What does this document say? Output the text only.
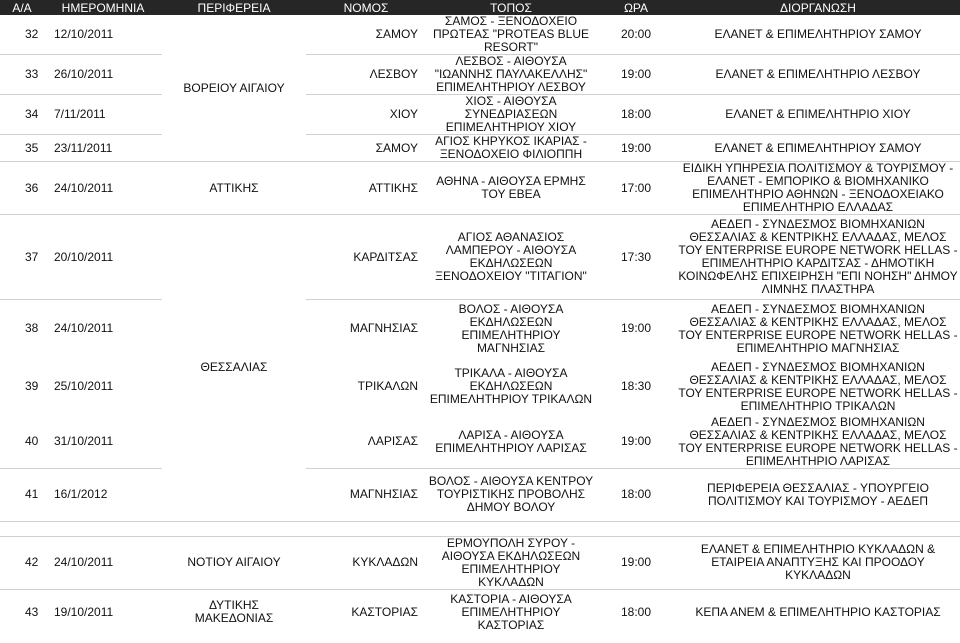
Α/Α	ΗΜΕΡΟΜΗΝΙΑ	ΠΕΡΙΦΕΡΕΙΑ	ΝΟΜΟΣ	ΤΟΠΟΣ	ΩΡΑ	ΔΙΟΡΓΑΝΩΣΗ
32	12/10/2011	ΒΟΡΕΙΟΥ ΑΙΓΑΙΟΥ	ΣΑΜΟΥ	ΣΑΜΟΣ - ΞΕΝΟΔΟΧΕΙΟ ΠΡΩΤΕΑΣ "PROTEAS BLUE RESORT"	20:00	ΕΛΑΝΕΤ & ΕΠΙΜΕΛΗΤΗΡΙΟΥ ΣΑΜΟΥ
33	26/10/2011		ΛΕΣΒΟΥ	ΛΕΣΒΟΣ - ΑΙΘΟΥΣΑ "ΙΩΑΝΝΗΣ ΠΑΥΛΑΚΕΛΛΗΣ" ΕΠΙΜΕΛΗΤΗΡΙΟΥ ΛΕΣΒΟΥ	19:00	ΕΛΑΝΕΤ & ΕΠΙΜΕΛΗΤΗΡΙΟ ΛΕΣΒΟΥ
34	7/11/2011		ΧΙΟΥ	ΧΙΟΣ - ΑΙΘΟΥΣΑ ΣΥΝΕΔΡΙΑΣΕΩΝ ΕΠΙΜΕΛΗΤΗΡΙΟΥ ΧΙΟΥ	18:00	ΕΛΑΝΕΤ & ΕΠΙΜΕΛΗΤΗΡΙΟ ΧΙΟΥ
35	23/11/2011		ΣΑΜΟΥ	ΑΓΙΟΣ ΚΗΡΥΚΟΣ ΙΚΑΡΙΑΣ - ΞΕΝΟΔΟΧΕΙΟ ΦΙΛΙΟΠΠΗ	19:00	ΕΛΑΝΕΤ & ΕΠΙΜΕΛΗΤΗΡΙΟΥ ΣΑΜΟΥ
36	24/10/2011	ΑΤΤΙΚΗΣ	ΑΤΤΙΚΗΣ	ΑΘΗΝΑ - ΑΙΘΟΥΣΑ ΕΡΜΗΣ ΤΟΥ ΕΒΕΑ	17:00	ΕΙΔΙΚΗ ΥΠΗΡΕΣΙΑ ΠΟΛΙΤΙΣΜΟΥ & ΤΟΥΡΙΣΜΟΥ - ΕΛΑΝΕΤ - ΕΜΠΟΡΙΚΟ & ΒΙΟΜΗΧΑΝΙΚΟ ΕΠΙΜΕΛΗΤΗΡΙΟ ΑΘΗΝΩΝ - ΞΕΝΟΔΟΧΕΙΑΚΟ ΕΠΙΜΕΛΗΤΗΡΙΟ ΕΛΛΑΔΑΣ
37	20/10/2011	ΘΕΣΣΑΛΙΑΣ	ΚΑΡΔΙΤΣΑΣ	ΑΓΙΟΣ ΑΘΑΝΑΣΙΟΣ ΛΑΜΠΕΡΟΥ - ΑΙΘΟΥΣΑ ΕΚΔΗΛΩΣΕΩΝ ΞΕΝΟΔΟΧΕΙΟΥ "ΤΙΤΑΓΙΟΝ"	17:30	ΑΕΔΕΠ - ΣΥΝΔΕΣΜΟΣ ΒΙΟΜΗΧΑΝΙΩΝ ΘΕΣΣΑΛΙΑΣ & ΚΕΝΤΡΙΚΗΣ ΕΛΛΑΔΑΣ, ΜΕΛΟΣ ΤΟΥ ENTERPRISE EUROPE NETWORK HELLAS - ΕΠΙΜΕΛΗΤΗΡΙΟ ΚΑΡΔΙΤΣΑΣ - ΔΗΜΟΤΙΚΗ ΚΟΙΝΩΦΕΛΗΣ ΕΠΙΧΕΙΡΗΣΗ "ΕΠΙ ΝΟΗΣΗ" ΔΗΜΟΥ ΛΙΜΝΗΣ ΠΛΑΣΤΗΡΑ
38	24/10/2011		ΜΑΓΝΗΣΙΑΣ	ΒΟΛΟΣ - ΑΙΘΟΥΣΑ ΕΚΔΗΛΩΣΕΩΝ ΕΠΙΜΕΛΗΤΗΡΙΟΥ ΜΑΓΝΗΣΙΑΣ	19:00	ΑΕΔΕΠ - ΣΥΝΔΕΣΜΟΣ ΒΙΟΜΗΧΑΝΙΩΝ ΘΕΣΣΑΛΙΑΣ & ΚΕΝΤΡΙΚΗΣ ΕΛΛΑΔΑΣ, ΜΕΛΟΣ ΤΟΥ ENTERPRISE EUROPE NETWORK HELLAS - ΕΠΙΜΕΛΗΤΗΡΙΟ ΜΑΓΝΗΣΙΑΣ
39	25/10/2011		ΤΡΙΚΑΛΩΝ	ΤΡΙΚΑΛΑ - ΑΙΘΟΥΣΑ ΕΚΔΗΛΩΣΕΩΝ ΕΠΙΜΕΛΗΤΗΡΙΟΥ ΤΡΙΚΑΛΩΝ	18:30	ΑΕΔΕΠ - ΣΥΝΔΕΣΜΟΣ ΒΙΟΜΗΧΑΝΙΩΝ ΘΕΣΣΑΛΙΑΣ & ΚΕΝΤΡΙΚΗΣ ΕΛΛΑΔΑΣ, ΜΕΛΟΣ ΤΟΥ ENTERPRISE EUROPE NETWORK HELLAS - ΕΠΙΜΕΛΗΤΗΡΙΟ ΤΡΙΚΑΛΩΝ
40	31/10/2011		ΛΑΡΙΣΑΣ	ΛΑΡΙΣΑ - ΑΙΘΟΥΣΑ ΕΠΙΜΕΛΗΤΗΡΙΟΥ ΛΑΡΙΣΑΣ	19:00	ΑΕΔΕΠ - ΣΥΝΔΕΣΜΟΣ ΒΙΟΜΗΧΑΝΙΩΝ ΘΕΣΣΑΛΙΑΣ & ΚΕΝΤΡΙΚΗΣ ΕΛΛΑΔΑΣ, ΜΕΛΟΣ ΤΟΥ ENTERPRISE EUROPE NETWORK HELLAS - ΕΠΙΜΕΛΗΤΗΡΙΟ ΛΑΡΙΣΑΣ
41	16/1/2012		ΜΑΓΝΗΣΙΑΣ	ΒΟΛΟΣ - ΑΙΘΟΥΣΑ ΚΕΝΤΡΟΥ ΤΟΥΡΙΣΤΙΚΗΣ ΠΡΟΒΟΛΗΣ ΔΗΜΟΥ ΒΟΛΟΥ	18:00	ΠΕΡΙΦΕΡΕΙΑ ΘΕΣΣΑΛΙΑΣ - ΥΠΟΥΡΓΕΙΟ ΠΟΛΙΤΙΣΜΟΥ ΚΑΙ ΤΟΥΡΙΣΜΟΥ - ΑΕΔΕΠ

42	24/10/2011	ΝΟΤΙΟΥ ΑΙΓΑΙΟΥ	ΚΥΚΛΑΔΩΝ	ΕΡΜΟΥΠΟΛΗ ΣΥΡΟΥ - ΑΙΘΟΥΣΑ ΕΚΔΗΛΩΣΕΩΝ ΕΠΙΜΕΛΗΤΗΡΙΟΥ ΚΥΚΛΑΔΩΝ	19:00	ΕΛΑΝΕΤ & ΕΠΙΜΕΛΗΤΗΡΙΟ ΚΥΚΛΑΔΩΝ & ΕΤΑΙΡΕΙΑ ΑΝΑΠΤΥΞΗΣ ΚΑΙ ΠΡΟΟΔΟΥ ΚΥΚΛΑΔΩΝ
43	19/10/2011	ΔΥΤΙΚΗΣ ΜΑΚΕΔΟΝΙΑΣ	ΚΑΣΤΟΡΙΑΣ	ΚΑΣΤΟΡΙΑ - ΑΙΘΟΥΣΑ ΕΠΙΜΕΛΗΤΗΡΙΟΥ ΚΑΣΤΟΡΙΑΣ	18:00	ΚΕΠΑ ΑΝΕΜ & ΕΠΙΜΕΛΗΤΗΡΙΟ ΚΑΣΤΟΡΙΑΣ
